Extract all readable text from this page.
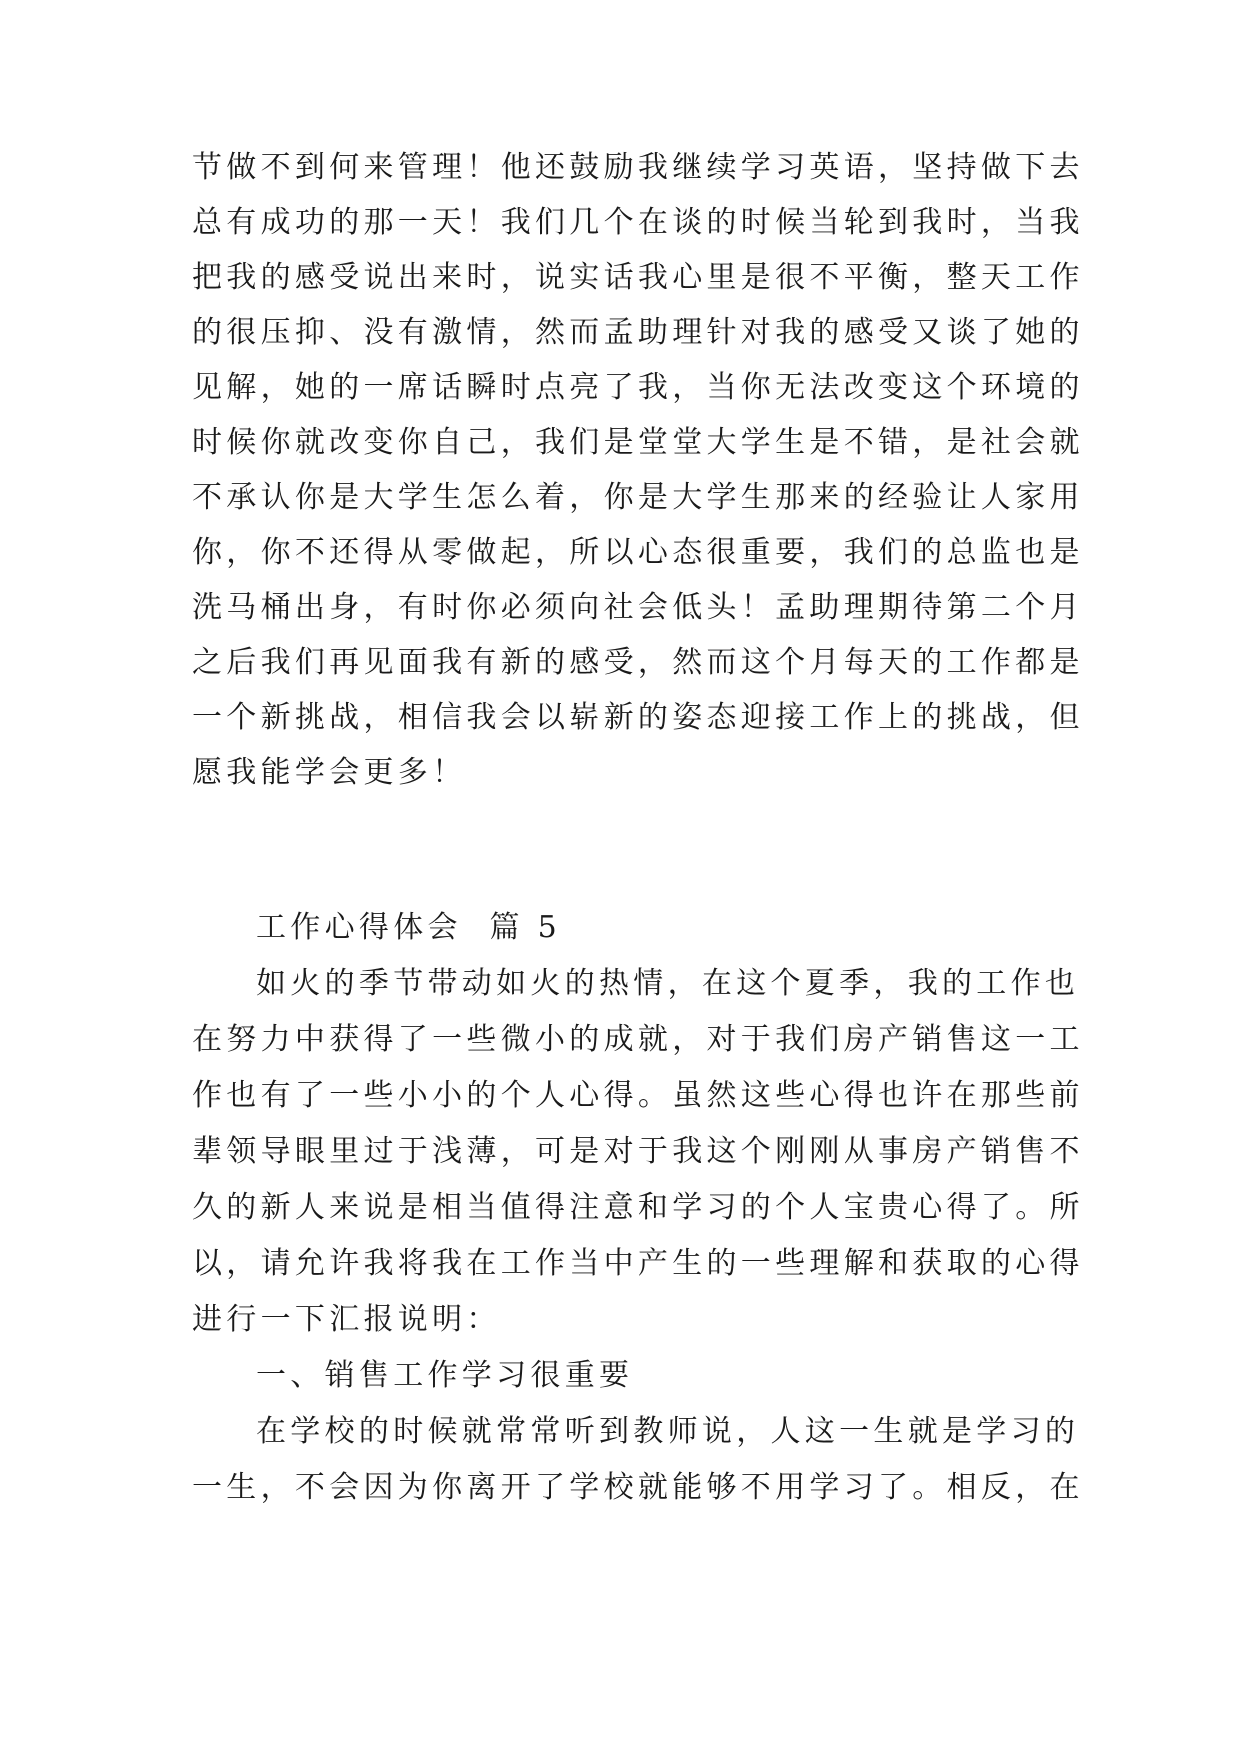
节做不到何来管理！他还鼓励我继续学习英语，坚持做下去
总有成功的那一天！我们几个在谈的时候当轮到我时，当我
把我的感受说出来时，说实话我心里是很不平衡，整天工作
的很压抑、没有激情，然而孟助理针对我的感受又谈了她的
见解，她的一席话瞬时点亮了我，当你无法改变这个环境的
时候你就改变你自己，我们是堂堂大学生是不错，是社会就
不承认你是大学生怎么着，你是大学生那来的经验让人家用
你，你不还得从零做起，所以心态很重要，我们的总监也是
洗马桶出身，有时你必须向社会低头！孟助理期待第二个月
之后我们再见面我有新的感受，然而这个月每天的工作都是
一个新挑战，相信我会以崭新的姿态迎接工作上的挑战，但
愿我能学会更多！
工作心得体会  篇 5
如火的季节带动如火的热情，在这个夏季，我的工作也
在努力中获得了一些微小的成就，对于我们房产销售这一工
作也有了一些小小的个人心得。虽然这些心得也许在那些前
辈领导眼里过于浅薄，可是对于我这个刚刚从事房产销售不
久的新人来说是相当值得注意和学习的个人宝贵心得了。所
以，请允许我将我在工作当中产生的一些理解和获取的心得
进行一下汇报说明：
一、销售工作学习很重要
在学校的时候就常常听到教师说，人这一生就是学习的
一生，不会因为你离开了学校就能够不用学习了。相反，在
